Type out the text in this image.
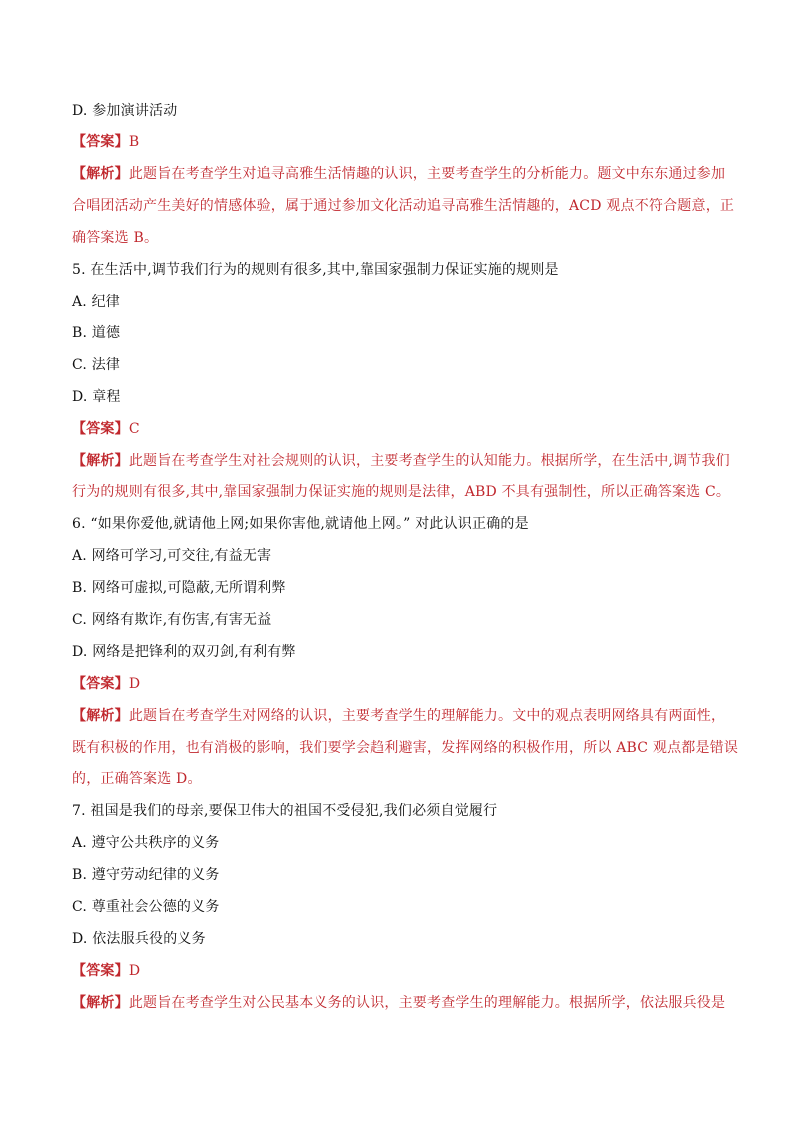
D. 参加演讲活动
【答案】B
【解析】此题旨在考查学生对追寻高雅生活情趣的认识，主要考查学生的分析能力。题文中东东通过参加
合唱团活动产生美好的情感体验，属于通过参加文化活动追寻高雅生活情趣的，ACD 观点不符合题意，正
确答案选 B。
5. 在生活中,调节我们行为的规则有很多,其中,靠国家强制力保证实施的规则是
A. 纪律
B. 道德
C. 法律
D. 章程
【答案】C
【解析】此题旨在考查学生对社会规则的认识，主要考查学生的认知能力。根据所学，在生活中,调节我们
行为的规则有很多,其中,靠国家强制力保证实施的规则是法律，ABD 不具有强制性，所以正确答案选 C。
6. “如果你爱他,就请他上网;如果你害他,就请他上网。” 对此认识正确的是
A. 网络可学习,可交往,有益无害
B. 网络可虚拟,可隐蔽,无所谓利弊
C. 网络有欺诈,有伤害,有害无益
D. 网络是把锋利的双刃剑,有利有弊
【答案】D
【解析】此题旨在考查学生对网络的认识，主要考查学生的理解能力。文中的观点表明网络具有两面性，
既有积极的作用，也有消极的影响，我们要学会趋利避害，发挥网络的积极作用，所以 ABC 观点都是错误
的，正确答案选 D。
7. 祖国是我们的母亲,要保卫伟大的祖国不受侵犯,我们必须自觉履行
A. 遵守公共秩序的义务
B. 遵守劳动纪律的义务
C. 尊重社会公德的义务
D. 依法服兵役的义务
【答案】D
【解析】此题旨在考查学生对公民基本义务的认识，主要考查学生的理解能力。根据所学，依法服兵役是
